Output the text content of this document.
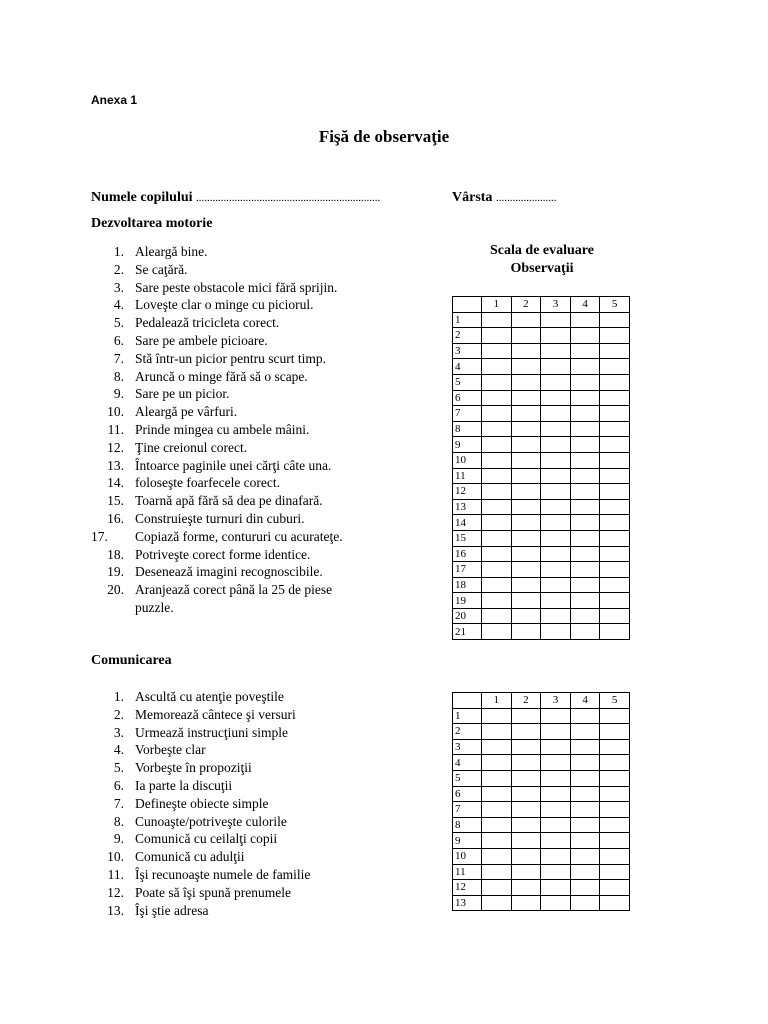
Anexa 1
Fişă de observaţie
Numele copilului ...................................................................	Vârsta ......................
Dezvoltarea motorie
1. Aleargă bine.
2. Se caţără.
3. Sare peste obstacole mici fără sprijin.
4. Loveşte clar o minge cu piciorul.
5. Pedalează tricicleta corect.
6. Sare pe ambele picioare.
7. Stă într-un picior pentru scurt timp.
8. Aruncă o minge fără să o scape.
9. Sare pe un picior.
10. Aleargă pe vârfuri.
11. Prinde mingea cu ambele mâini.
12. Ţine creionul corect.
13. Întoarce paginile unei cărţi câte una.
14. foloseşte foarfecele corect.
15. Toarnă apă fără să dea pe dinafară.
16. Construieşte turnuri din cuburi.
17.	Copiază forme, contururi cu acurateţe.
18. Potriveşte corect forme identice.
19. Desenează imagini recognoscibile.
20. Aranjează corect până la 25 de piese puzzle.
Scala de evaluare
Observaţii
	1	2	3	4	5
1					
2					
3					
4					
5					
6					
7					
8					
9					
10					
11					
12					
13					
14					
15					
16					
17					
18					
19					
20					
21					
Comunicarea
1. Ascultă cu atenţie poveştile
2. Memorează cântece şi versuri
3. Urmează instrucţiuni simple
4. Vorbeşte clar
5. Vorbeşte în propoziţii
6. Ia parte la discuţii
7. Defineşte obiecte simple
8. Cunoaşte/potriveşte culorile
9. Comunică cu ceilalţi copii
10. Comunică cu adulţii
11. Îşi recunoaşte numele de familie
12. Poate să îşi spună prenumele
13. Îşi ştie adresa
	1	2	3	4	5
1					
2					
3					
4					
5					
6					
7					
8					
9					
10					
11					
12					
13					
